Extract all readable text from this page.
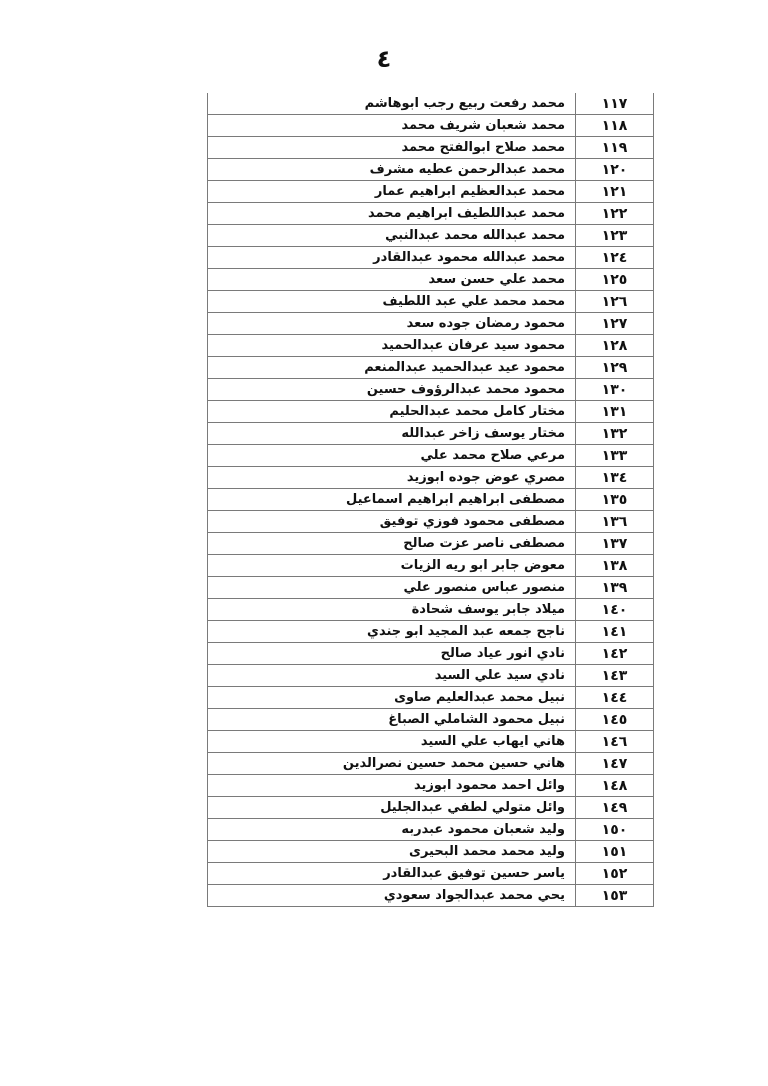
٤
١١٧	محمد رفعت ربيع رجب ابوهاشم
١١٨	محمد شعبان شريف محمد
١١٩	محمد صلاح ابوالفتح محمد
١٢٠	محمد عبدالرحمن عطيه مشرف
١٢١	محمد عبدالعظيم ابراهيم عمار
١٢٢	محمد عبداللطيف ابراهيم محمد
١٢٣	محمد عبدالله محمد عبدالنبي
١٢٤	محمد عبدالله محمود عبدالقادر
١٢٥	محمد علي حسن سعد
١٢٦	محمد محمد علي عبد اللطيف
١٢٧	محمود رمضان جوده سعد
١٢٨	محمود سيد عرفان عبدالحميد
١٢٩	محمود عيد عبدالحميد عبدالمنعم
١٣٠	محمود محمد عبدالرؤوف حسين
١٣١	مختار كامل محمد عبدالحليم
١٣٢	مختار يوسف زاخر عبدالله
١٣٣	مرعي صلاح محمد علي
١٣٤	مصري عوض جوده ابوزيد
١٣٥	مصطفى ابراهيم ابراهيم اسماعيل
١٣٦	مصطفى محمود فوزي توفيق
١٣٧	مصطفى ناصر عزت صالح
١٣٨	معوض جابر ابو ريه الزيات
١٣٩	منصور عباس منصور علي
١٤٠	ميلاد جابر يوسف شحادة
١٤١	ناجح جمعه عبد المجيد ابو جندي
١٤٢	نادي انور عياد صالح
١٤٣	نادي سيد علي السيد
١٤٤	نبيل محمد عبدالعليم صاوى
١٤٥	نبيل محمود الشاملي الصباغ
١٤٦	هاني ايهاب علي السيد
١٤٧	هاني حسين محمد حسين نصرالدين
١٤٨	وائل احمد محمود ابوزيد
١٤٩	وائل متولي لطفي عبدالجليل
١٥٠	وليد شعبان محمود عبدربه
١٥١	وليد محمد محمد البحيرى
١٥٢	ياسر حسين توفيق عبدالقادر
١٥٣	يحي محمد عبدالجواد سعودي
